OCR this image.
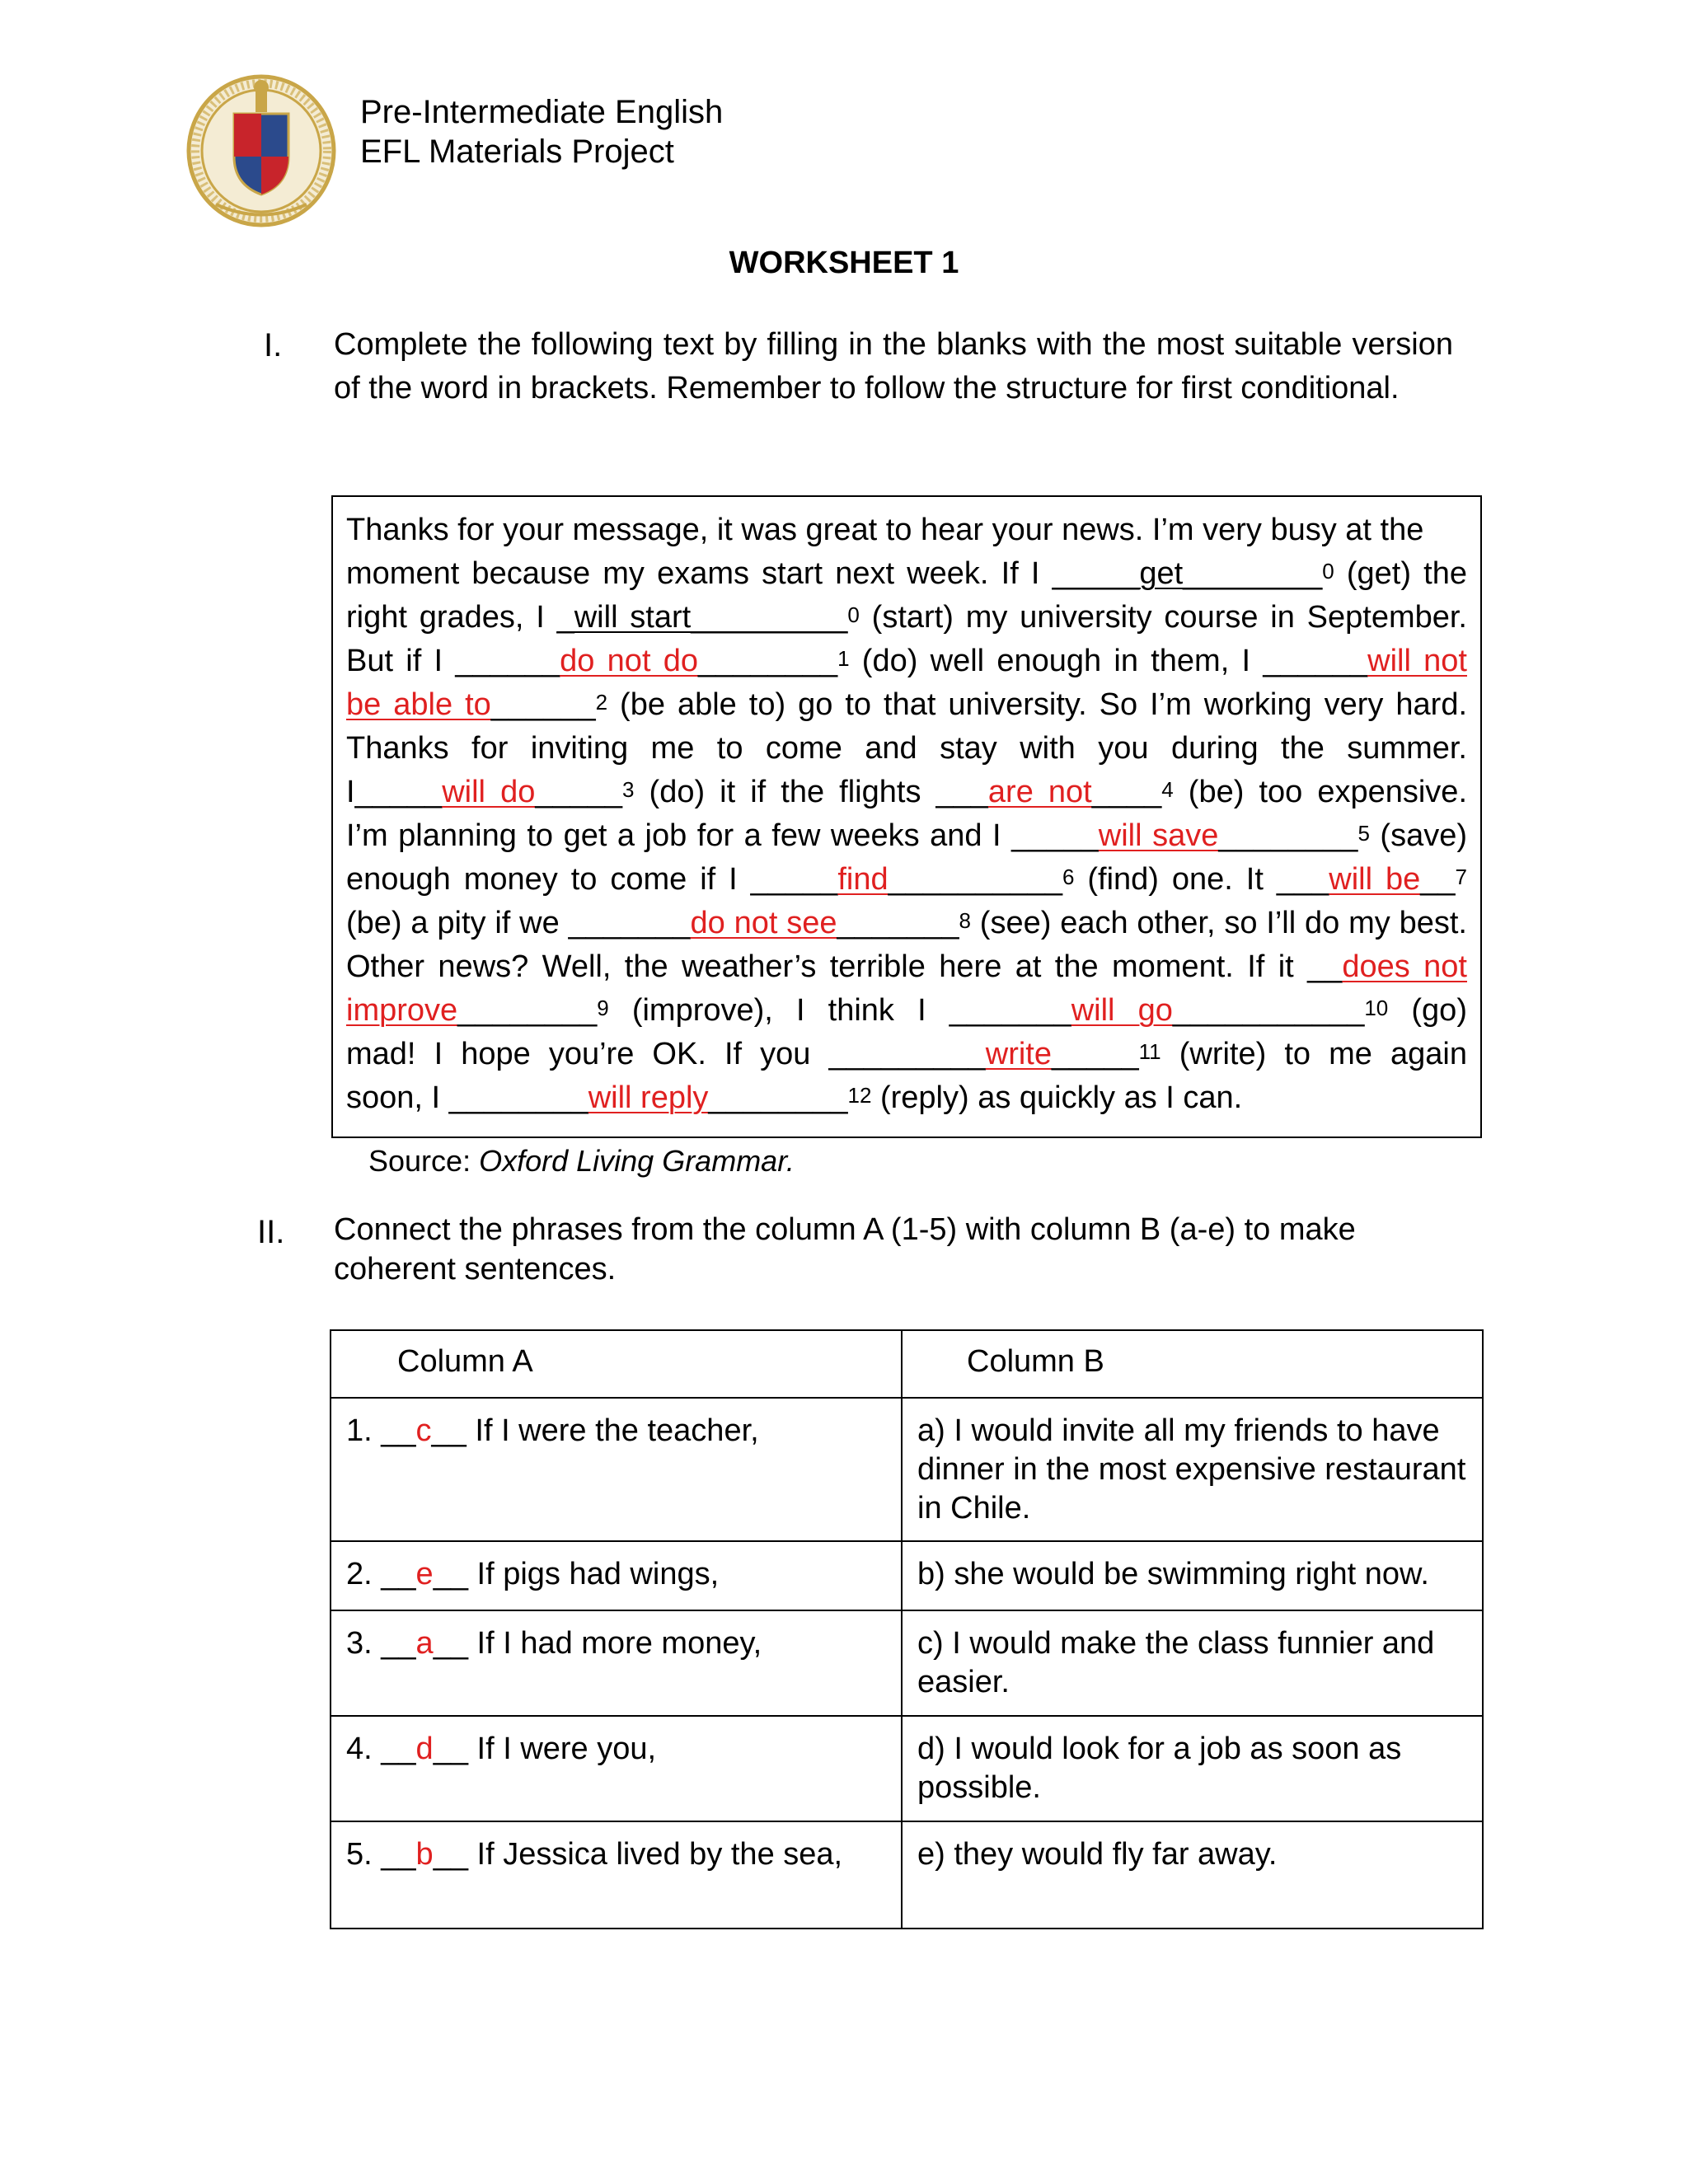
Pre-Intermediate English
EFL Materials Project
WORKSHEET 1
I. Complete the following text by filling in the blanks with the most suitable version of the word in brackets. Remember to follow the structure for first conditional.
Thanks for your message, it was great to hear your news. I’m very busy at the
moment because my exams start next week. If I _____get________$^0$ (get) the
right grades, I _will start_________$^0$ (start) my university course in September.
But if I ______do not do________$^1$ (do) well enough in them, I ______will not
be able to______$^2$ (be able to) go to that university. So I’m working very hard.
Thanks for inviting me to come and stay with you during the summer.
I_____will do_____$^3$ (do) it if the flights ___are not____$^4$ (be) too expensive.
I’m planning to get a job for a few weeks and I _____will save________$^5$ (save)
enough money to come if I _____find__________$^6$ (find) one. It ___will be__$^7$
(be) a pity if we _______do not see_______$^8$ (see) each other, so I’ll do my best.
Other news? Well, the weather’s terrible here at the moment. If it __does not
improve________$^9$ (improve), I think I _______will go___________$^{10}$ (go)
mad! I hope you’re OK. If you _________write_____$^{11}$ (write) to me again
soon, I ________will reply________$^{12}$ (reply) as quickly as I can.
Source: Oxford Living Grammar.
II. Connect the phrases from the column A (1-5) with column B (a-e) to make coherent sentences.
Column A	Column B
1. __c__ If I were the teacher,	a) I would invite all my friends to have dinner in the most expensive restaurant in Chile.
2. __e__ If pigs had wings,	b) she would be swimming right now.
3. __a__ If I had more money,	c) I would make the class funnier and easier.
4. __d__ If I were you,	d) I would look for a job as soon as possible.
5. __b__ If Jessica lived by the sea,	e) they would fly far away.
